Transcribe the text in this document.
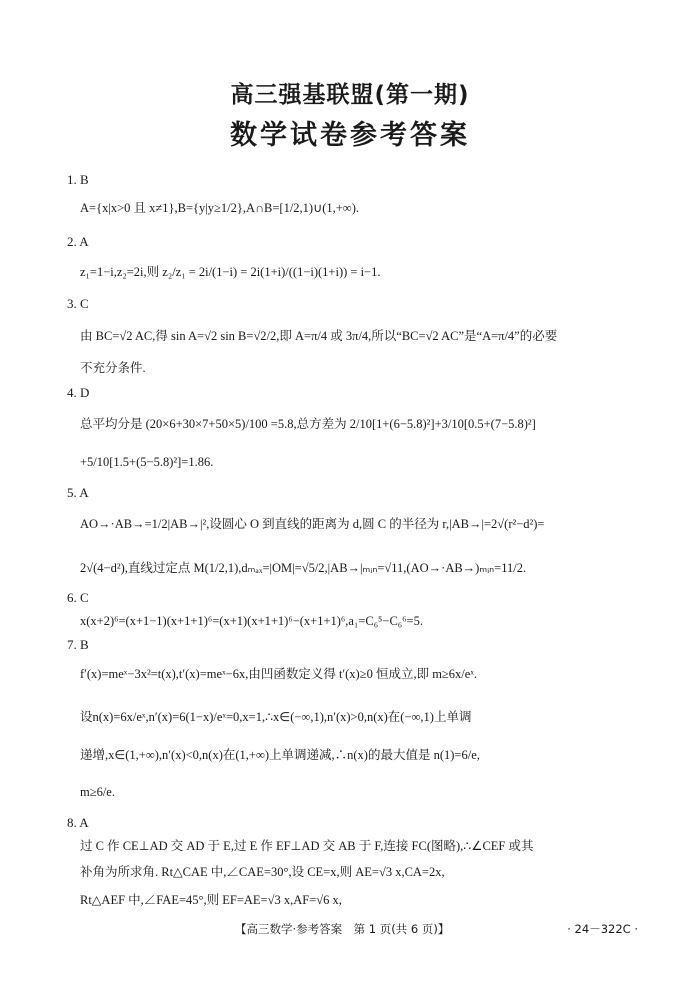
高三强基联盟(第一期)
数学试卷参考答案
1. B
A={x|x>0 且 x≠1},B={y|y≥1/2},A∩B=[1/2,1)∪(1,+∞).
2. A
z₁=1−i,z₂=2i,则 z₂/z₁ = 2i/(1−i) = 2i(1+i)/((1−i)(1+i)) = i−1.
3. C
由 BC=√2 AC,得 sin A=√2 sin B=√2/2,即 A=π/4 或 3π/4,所以“BC=√2 AC”是“A=π/4”的必要
不充分条件.
4. D
总平均分是 (20×6+30×7+50×5)/100 =5.8,总方差为 2/10[1+(6−5.8)²]+3/10[0.5+(7−5.8)²]
+5/10[1.5+(5−5.8)²]=1.86.
5. A
AO→·AB→=1/2|AB→|²,设圆心 O 到直线的距离为 d,圆 C 的半径为 r,|AB→|=2√(r²−d²)=
2√(4−d²),直线过定点 M(1/2,1),dₘₐₓ=|OM|=√5/2,|AB→|ₘᵢₙ=√11,(AO→·AB→)ₘᵢₙ=11/2.
6. C
x(x+2)⁶=(x+1−1)(x+1+1)⁶=(x+1)(x+1+1)⁶−(x+1+1)⁶,a₁=C₆⁵−C₆⁶=5.
7. B
f′(x)=meˣ−3x²=t(x),t′(x)=meˣ−6x,由凹函数定义得 t′(x)≥0 恒成立,即 m≥6x/eˣ.
设n(x)=6x/eˣ,n′(x)=6(1−x)/eˣ=0,x=1,∴x∈(−∞,1),n′(x)>0,n(x)在(−∞,1)上单调
递增,x∈(1,+∞),n′(x)<0,n(x)在(1,+∞)上单调递减,∴n(x)的最大值是 n(1)=6/e,
m≥6/e.
8. A
过 C 作 CE⊥AD 交 AD 于 E,过 E 作 EF⊥AD 交 AB 于 F,连接 FC(图略),∴∠CEF 或其
补角为所求角. Rt△CAE 中,∠CAE=30°,设 CE=x,则 AE=√3 x,CA=2x,
Rt△AEF 中,∠FAE=45°,则 EF=AE=√3 x,AF=√6 x,
【高三数学·参考答案　第 1 页(共 6 页)】	· 24－322C ·
